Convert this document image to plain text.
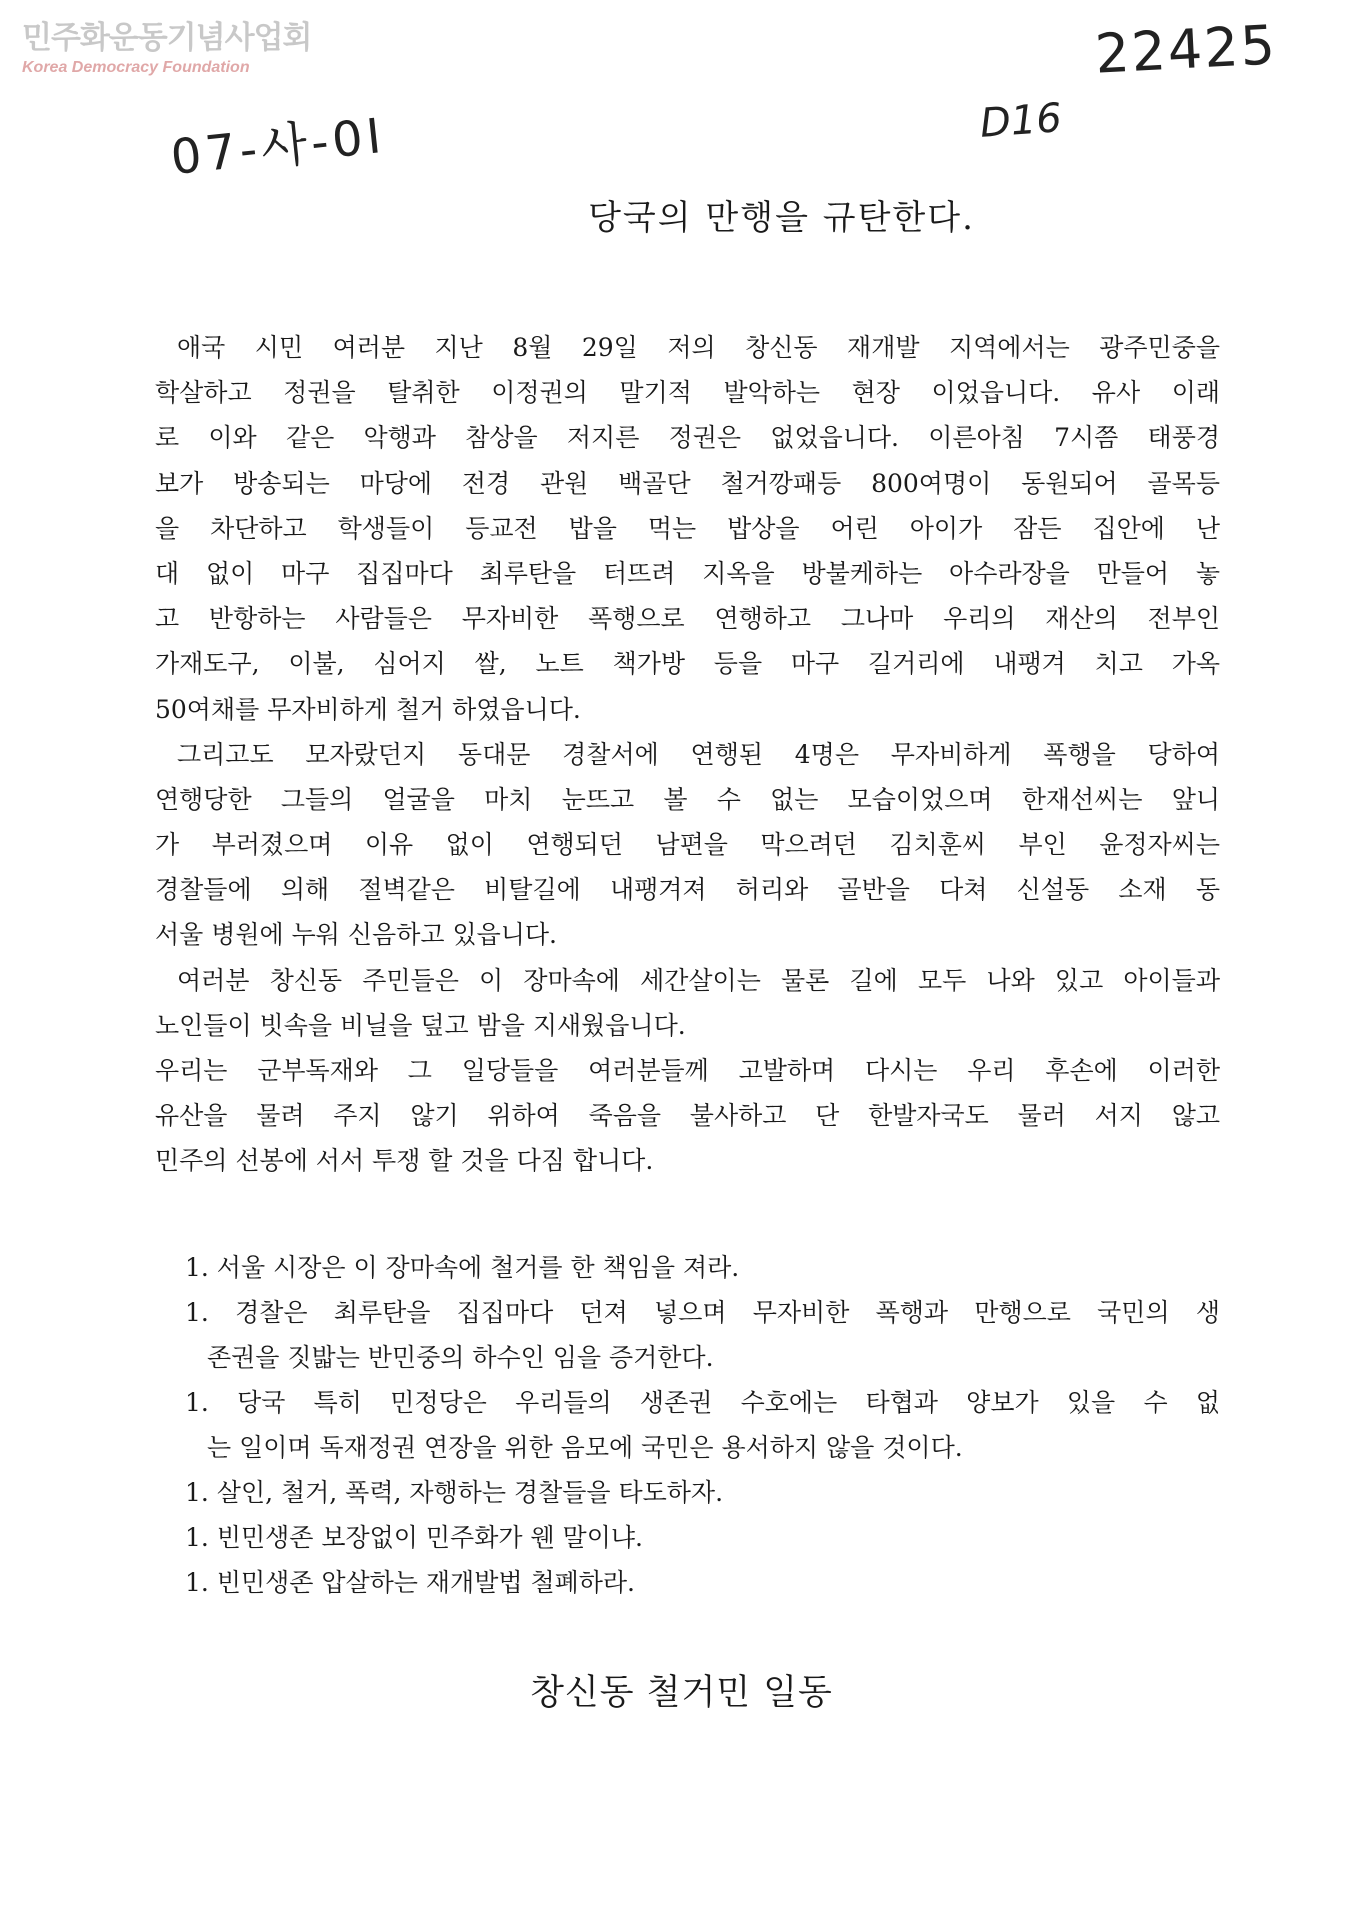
민주화운동기념사업회
Korea Democracy Foundation	22425
07-사-0Ⅰ	D16
당국의 만행을 규탄한다.
애국 시민 여러분 지난 8월 29일 저의 창신동 재개발 지역에서는 광주민중을
학살하고 정권을 탈취한 이정권의 말기적 발악하는 현장 이었읍니다. 유사 이래
로 이와 같은 악행과 참상을 저지른 정권은 없었읍니다. 이른아침 7시쯤 태풍경
보가 방송되는 마당에 전경 관원 백골단 철거깡패등 800여명이 동원되어 골목등
을 차단하고 학생들이 등교전 밥을 먹는 밥상을 어린 아이가 잠든 집안에 난
대 없이 마구 집집마다 최루탄을 터뜨려 지옥을 방불케하는 아수라장을 만들어 놓
고 반항하는 사람들은 무자비한 폭행으로 연행하고 그나마 우리의 재산의 전부인
가재도구, 이불, 심어지 쌀, 노트 책가방 등을 마구 길거리에 내팽겨 치고 가옥
50여채를 무자비하게 철거 하였읍니다.
그리고도 모자랐던지 동대문 경찰서에 연행된 4명은 무자비하게 폭행을 당하여
연행당한 그들의 얼굴을 마치 눈뜨고 볼 수 없는 모습이었으며 한재선씨는 앞니
가 부러졌으며 이유 없이 연행되던 남편을 막으려던 김치훈씨 부인 윤정자씨는
경찰들에 의해 절벽같은 비탈길에 내팽겨져 허리와 골반을 다쳐 신설동 소재 동
서울 병원에 누워 신음하고 있읍니다.
여러분 창신동 주민들은 이 장마속에 세간살이는 물론 길에 모두 나와 있고 아이들과
노인들이 빗속을 비닐을 덮고 밤을 지새웠읍니다.
우리는 군부독재와 그 일당들을 여러분들께 고발하며 다시는 우리 후손에 이러한
유산을 물려 주지 않기 위하여 죽음을 불사하고 단 한발자국도 물러 서지 않고
민주의 선봉에 서서 투쟁 할 것을 다짐 합니다.
1. 서울 시장은 이 장마속에 철거를 한 책임을 져라.
1. 경찰은 최루탄을 집집마다 던져 넣으며 무자비한 폭행과 만행으로 국민의 생
존권을 짓밟는 반민중의 하수인 임을 증거한다.
1. 당국 특히 민정당은 우리들의 생존권 수호에는 타협과 양보가 있을 수 없
는 일이며 독재정권 연장을 위한 음모에 국민은 용서하지 않을 것이다.
1. 살인, 철거, 폭력, 자행하는 경찰들을 타도하자.
1. 빈민생존 보장없이 민주화가 웬 말이냐.
1. 빈민생존 압살하는 재개발법 철폐하라.
창신동 철거민 일동
